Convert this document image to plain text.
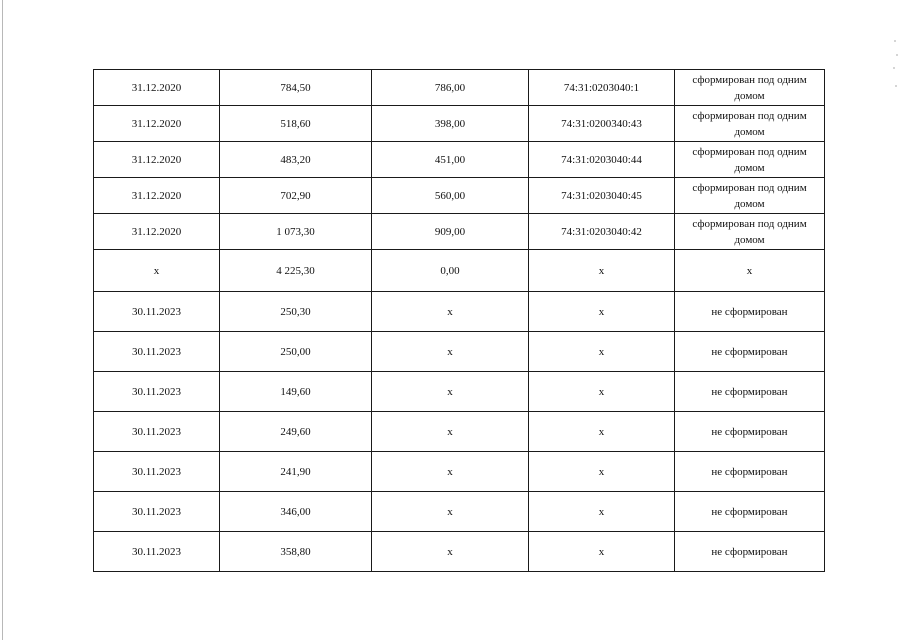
31.12.2020	784,50	786,00	74:31:0203040:1	сформирован под одним домом
31.12.2020	518,60	398,00	74:31:0200340:43	сформирован под одним домом
31.12.2020	483,20	451,00	74:31:0203040:44	сформирован под одним домом
31.12.2020	702,90	560,00	74:31:0203040:45	сформирован под одним домом
31.12.2020	1 073,30	909,00	74:31:0203040:42	сформирован под одним домом
х	4 225,30	0,00	х	х
30.11.2023	250,30	х	х	не сформирован
30.11.2023	250,00	х	х	не сформирован
30.11.2023	149,60	х	х	не сформирован
30.11.2023	249,60	х	х	не сформирован
30.11.2023	241,90	х	х	не сформирован
30.11.2023	346,00	х	х	не сформирован
30.11.2023	358,80	х	х	не сформирован
